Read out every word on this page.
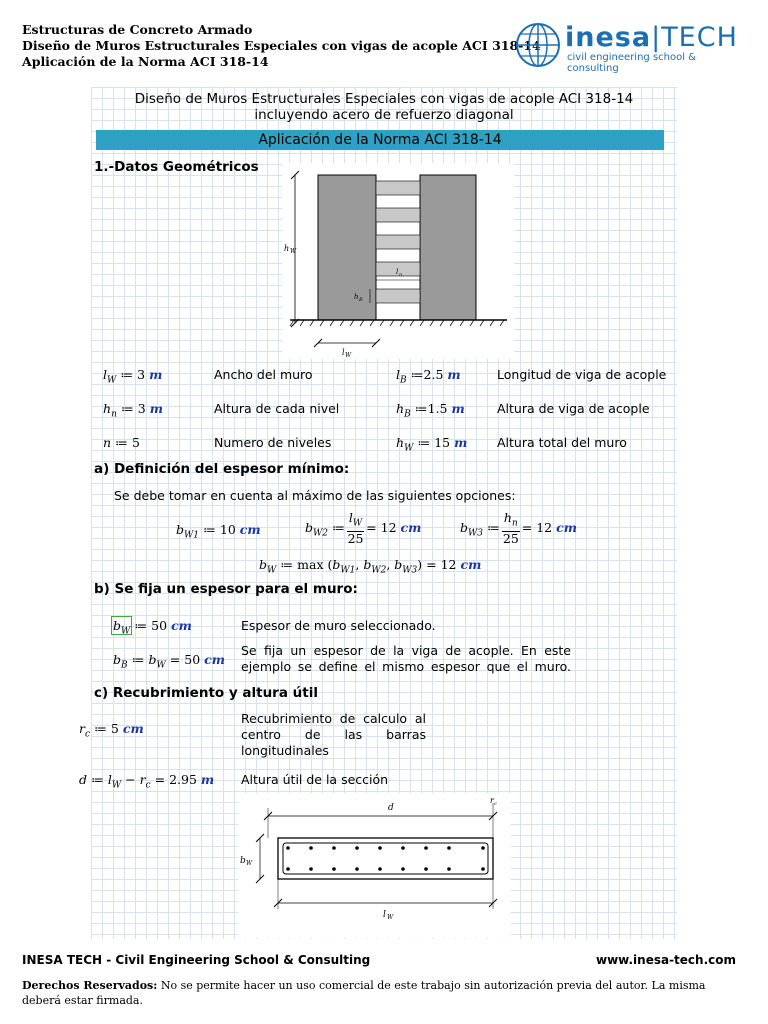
Estructuras de Concreto Armado
Diseño de Muros Estructurales Especiales con vigas de acople ACI 318-14
Aplicación de la Norma ACI 318-14
inesa|TECH
civil engineering school & consulting
Diseño de Muros Estructurales Especiales con vigas de acople ACI 318-14
incluyendo acero de refuerzo diagonal
Aplicación de la Norma ACI 318-14
1.-Datos Geométricos
h W
l n
h B
l W
$l_W$ ≔ 3 m	Ancho del muro	$l_B$ ≔2.5 m	Longitud de viga de acople
$h_n$ ≔ 3 m	Altura de cada nivel	$h_B$ ≔1.5 m	Altura de viga de acople
n ≔ 5	Numero de niveles	$h_W$ ≔ 15 m Altura total del muro
a) Definición del espesor mínimo:
Se debe tomar en cuenta al máximo de las siguientes opciones:
$b_{W1}$ ≔ 10 cm	$b_{W2}$ ≔ $\frac{l_W}{25} = 12$ cm	$b_{W3}$ ≔ $\frac{h_n}{25} = 12$ cm
$b_W$ ≔ $\max (b_{W1}$, $b_{W2}$, $b_{W3}) = 12$ cm
b) Se fija un espesor para el muro:
$b_W$ ≔ 50 cm	Espesor de muro seleccionado.
$b_B$ ≔ $b_W = 50$ cm
Se fija un espesor de la viga de acople. En este ejemplo se define el mismo espesor que el muro.
c) Recubrimiento y altura útil
$r_c$ ≔ 5 cm
Recubrimiento de calculo al centro de las barras longitudinales
d ≔ $l_W - r_c = 2.95$ m Altura útil de la sección
d
r c
b W
l W
INESA TECH - Civil Engineering School & Consulting	www.inesa-tech.com
Derechos Reservados: No se permite hacer un uso comercial de este trabajo sin autorización previa del autor. La misma deberá estar firmada.
